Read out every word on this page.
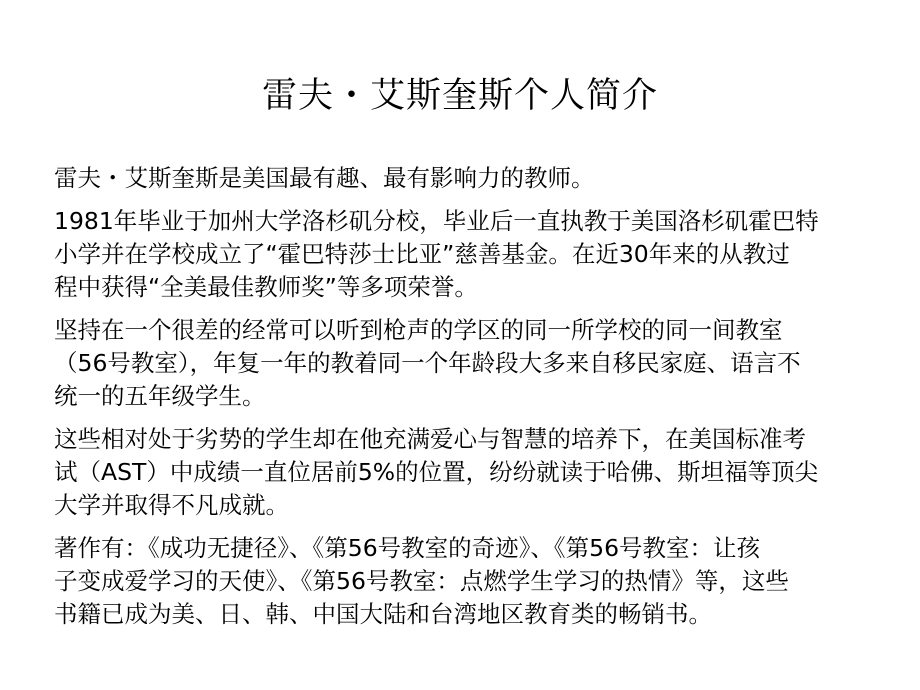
雷夫・艾斯奎斯个人简介

雷夫・艾斯奎斯是美国最有趣、最有影响力的教师。

1981年毕业于加州大学洛杉矶分校，毕业后一直执教于美国洛杉矶霍巴特
小学并在学校成立了“霍巴特莎士比亚”慈善基金。在近30年来的从教过
程中获得“全美最佳教师奖”等多项荣誉。

坚持在一个很差的经常可以听到枪声的学区的同一所学校的同一间教室
（56号教室），年复一年的教着同一个年龄段大多来自移民家庭、语言不
统一的五年级学生。

这些相对处于劣势的学生却在他充满爱心与智慧的培养下，在美国标准考
试（AST）中成绩一直位居前5%的位置，纷纷就读于哈佛、斯坦福等顶尖
大学并取得不凡成就。

著作有：《成功无捷径》、《第56号教室的奇迹》、《第56号教室：让孩
子变成爱学习的天使》、《第56号教室：点燃学生学习的热情》等，这些
书籍已成为美、日、韩、中国大陆和台湾地区教育类的畅销书。
